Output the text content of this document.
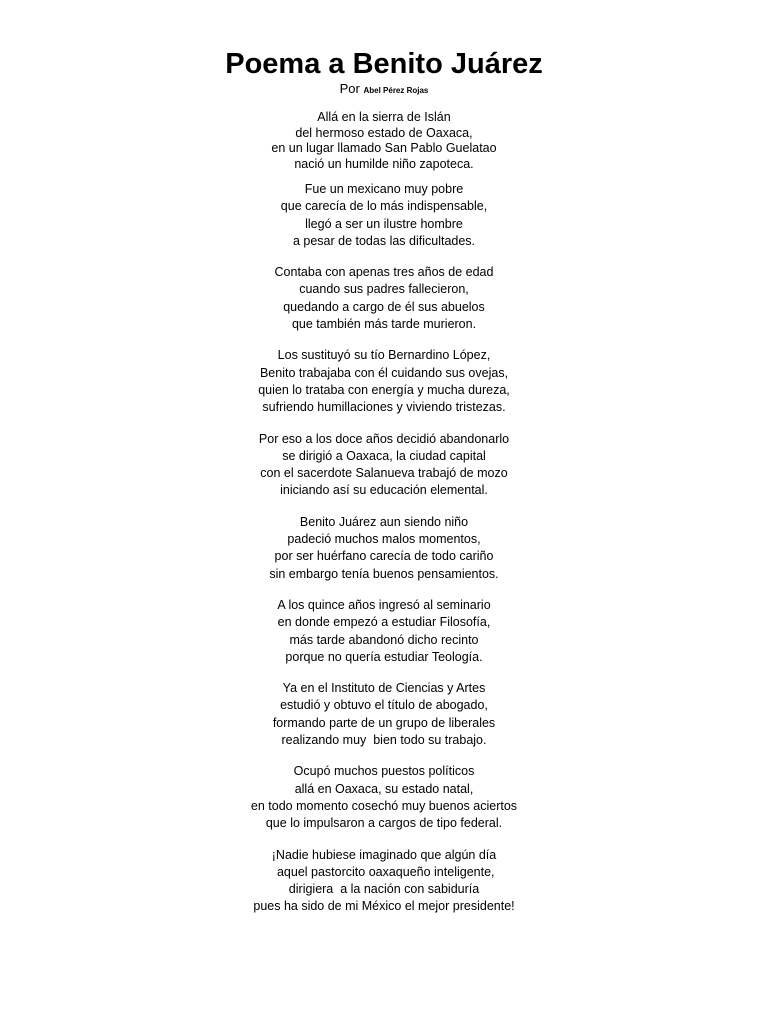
Poema a Benito Juárez
Por Abel Pérez Rojas

Allá en la sierra de Islán
del hermoso estado de Oaxaca,
en un lugar llamado San Pablo Guelatao
nació un humilde niño zapoteca.

Fue un mexicano muy pobre
que carecía de lo más indispensable,
llegó a ser un ilustre hombre
a pesar de todas las dificultades.

Contaba con apenas tres años de edad
cuando sus padres fallecieron,
quedando a cargo de él sus abuelos
que también más tarde murieron.

Los sustituyó su tío Bernardino López,
Benito trabajaba con él cuidando sus ovejas,
quien lo trataba con energía y mucha dureza,
sufriendo humillaciones y viviendo tristezas.

Por eso a los doce años decidió abandonarlo
se dirigió a Oaxaca, la ciudad capital
con el sacerdote Salanueva trabajó de mozo
iniciando así su educación elemental.

Benito Juárez aun siendo niño
padeció muchos malos momentos,
por ser huérfano carecía de todo cariño
sin embargo tenía buenos pensamientos.

A los quince años ingresó al seminario
en donde empezó a estudiar Filosofía,
más tarde abandonó dicho recinto
porque no quería estudiar Teología.

Ya en el Instituto de Ciencias y Artes
estudió y obtuvo el título de abogado,
formando parte de un grupo de liberales
realizando muy  bien todo su trabajo.

Ocupó muchos puestos políticos
allá en Oaxaca, su estado natal,
en todo momento cosechó muy buenos aciertos
que lo impulsaron a cargos de tipo federal.

¡Nadie hubiese imaginado que algún día
aquel pastorcito oaxaqueño inteligente,
dirigiera  a la nación con sabiduría
pues ha sido de mi México el mejor presidente!
